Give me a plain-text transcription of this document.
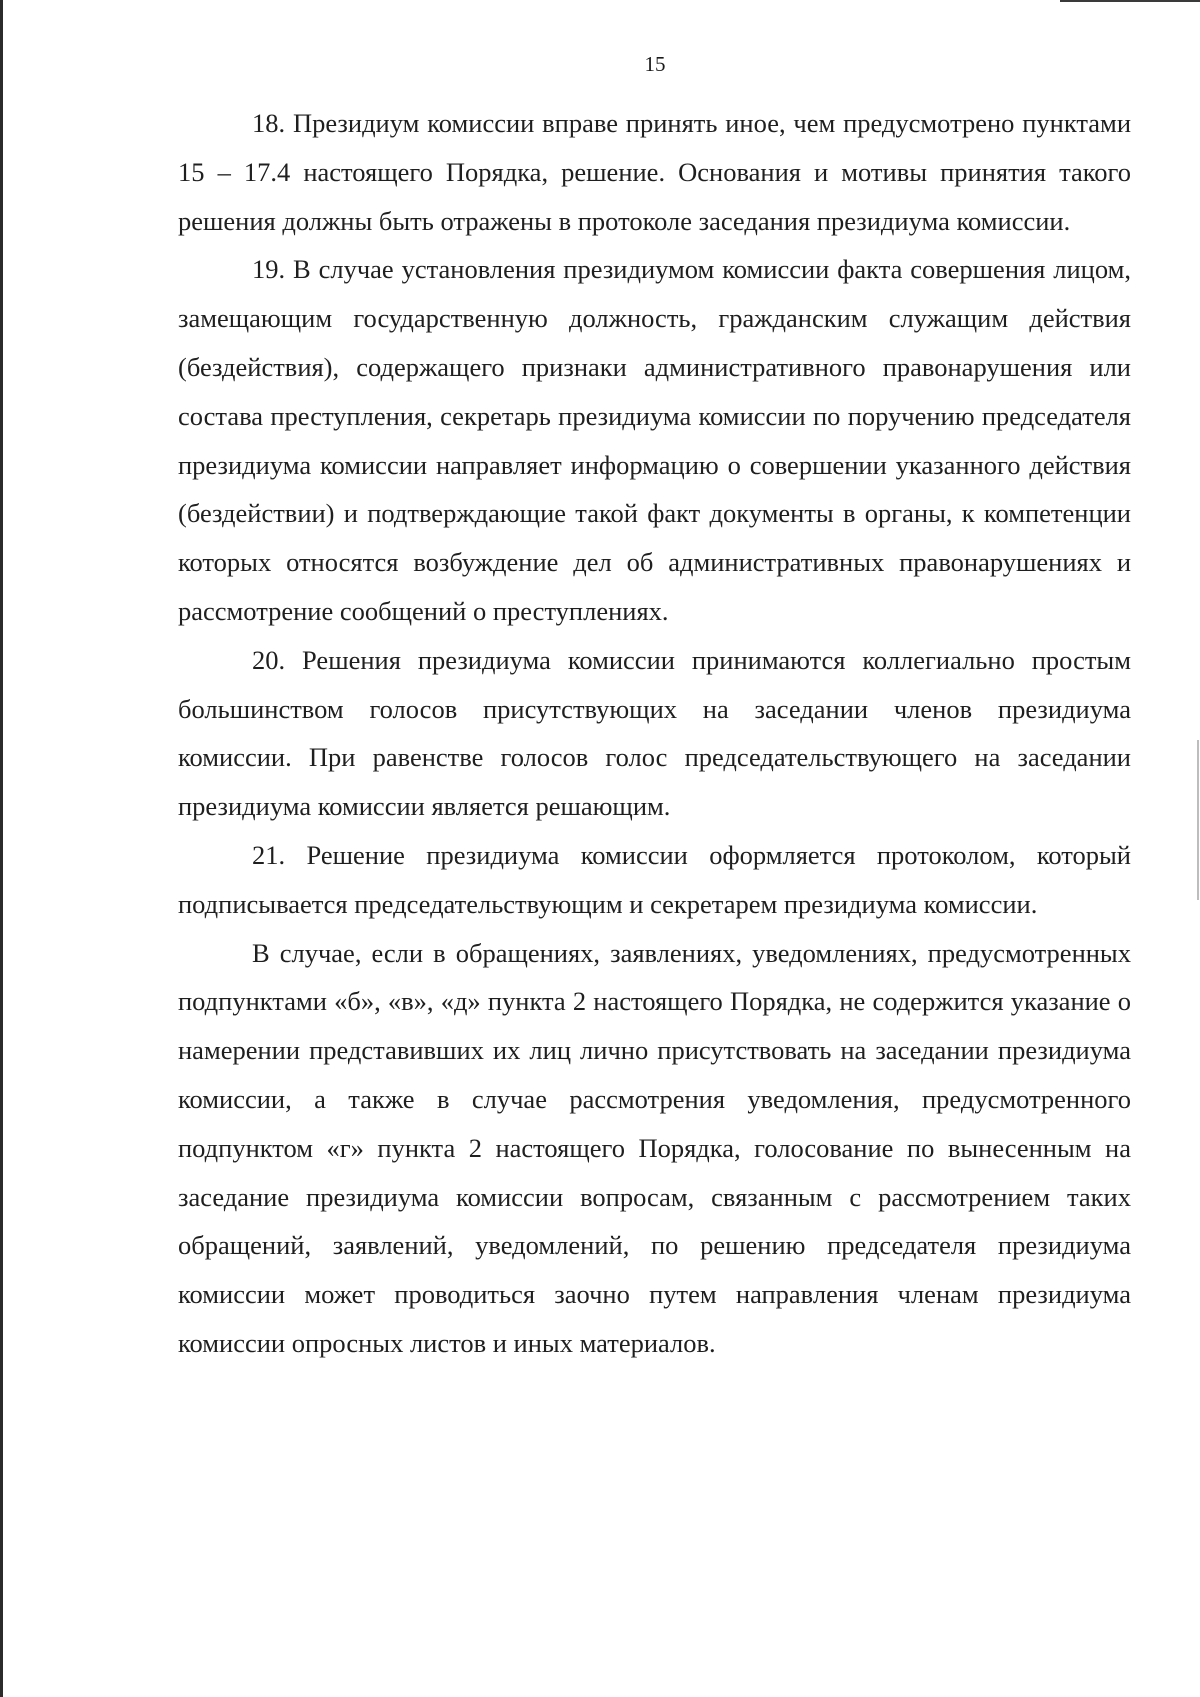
15

18. Президиум комиссии вправе принять иное, чем предусмотрено пунктами 15 – 17.4 настоящего Порядка, решение. Основания и мотивы принятия такого решения должны быть отражены в протоколе заседания президиума комиссии.

19. В случае установления президиумом комиссии факта совершения лицом, замещающим государственную должность, гражданским служащим действия (бездействия), содержащего признаки административного правонарушения или состава преступления, секретарь президиума комиссии по поручению председателя президиума комиссии направляет информацию о совершении указанного действия (бездействии) и подтверждающие такой факт документы в органы, к компетенции которых относятся возбуждение дел об административных правонарушениях и рассмотрение сообщений о преступлениях.

20. Решения президиума комиссии принимаются коллегиально простым большинством голосов присутствующих на заседании членов президиума комиссии. При равенстве голосов голос председательствующего на заседании президиума комиссии является решающим.

21. Решение президиума комиссии оформляется протоколом, который подписывается председательствующим и секретарем президиума комиссии.

В случае, если в обращениях, заявлениях, уведомлениях, предусмотренных подпунктами «б», «в», «д» пункта 2 настоящего Порядка, не содержится указание о намерении представивших их лиц лично присутствовать на заседании президиума комиссии, а также в случае рассмотрения уведомления, предусмотренного подпунктом «г» пункта 2 настоящего Порядка, голосование по вынесенным на заседание президиума комиссии вопросам, связанным с рассмотрением таких обращений, заявлений, уведомлений, по решению председателя президиума комиссии может проводиться заочно путем направления членам президиума комиссии опросных листов и иных материалов.
